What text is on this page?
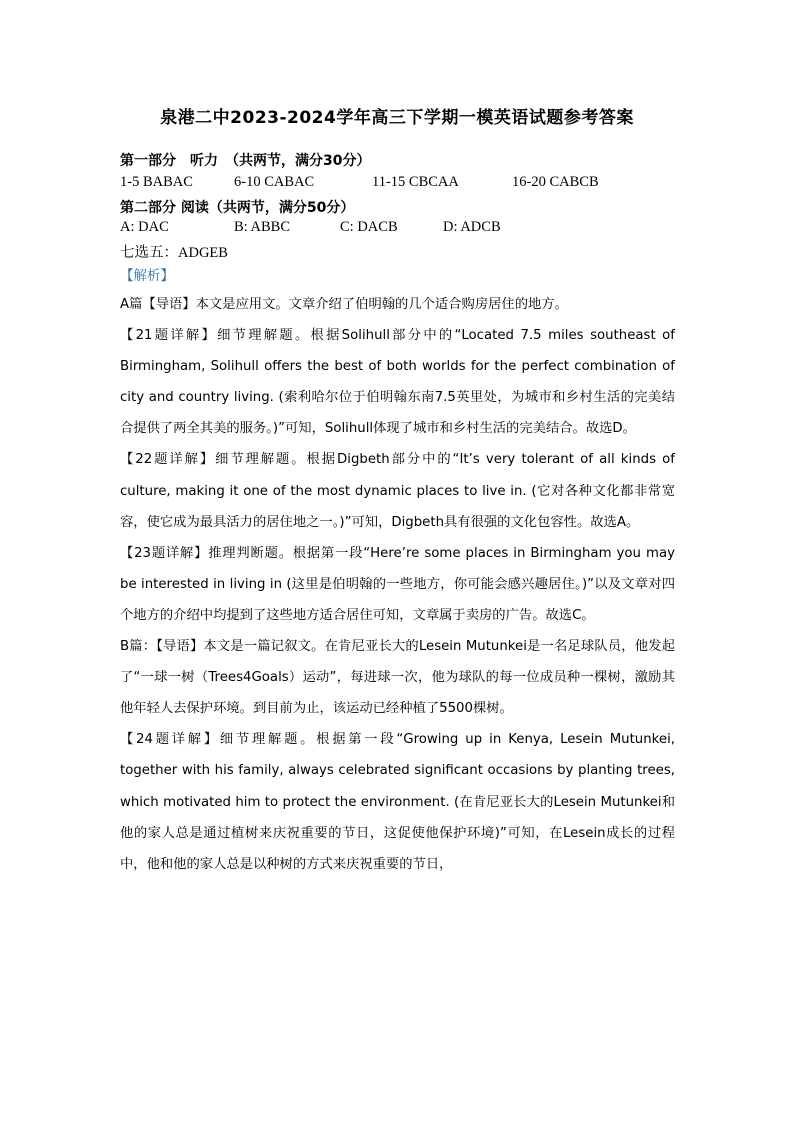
泉港二中2023-2024学年高三下学期一模英语试题参考答案
第一部分　听力　（共两节，满分30分）
1-5 BABAC	6-10 CABAC	11-15 CBCAA	16-20 CABCB
第二部分 阅读（共两节，满分50分）
A: DAC	B: ABBC	C: DACB	D: ADCB
七选五：ADGEB
【解析】

A篇【导语】本文是应用文。文章介绍了伯明翰的几个适合购房居住的地方。

【21题详解】细节理解题。根据Solihull部分中的“Located 7.5 miles southeast of Birmingham, Solihull offers the best of both worlds for the perfect combination of city and country living. (索利哈尔位于伯明翰东南7.5英里处，为城市和乡村生活的完美结合提供了两全其美的服务。)”可知，Solihull体现了城市和乡村生活的完美结合。故选D。

【22题详解】细节理解题。根据Digbeth部分中的“It’s very tolerant of all kinds of culture, making it one of the most dynamic places to live in. (它对各种文化都非常宽容，使它成为最具活力的居住地之一。)”可知，Digbeth具有很强的文化包容性。故选A。

【23题详解】推理判断题。根据第一段“Here’re some places in Birmingham you may be interested in living in (这里是伯明翰的一些地方，你可能会感兴趣居住。)”以及文章对四个地方的介绍中均提到了这些地方适合居住可知，文章属于卖房的广告。故选C。

B篇：【导语】本文是一篇记叙文。在肯尼亚长大的Lesein Mutunkei是一名足球队员，他发起了“一球一树（Trees4Goals）运动”，每进球一次，他为球队的每一位成员种一棵树，激励其他年轻人去保护环境。到目前为止，该运动已经种植了5500棵树。

【24题详解】细节理解题。根据第一段“Growing up in Kenya, Lesein Mutunkei, together with his family, always celebrated significant occasions by planting trees, which motivated him to protect the environment. (在肯尼亚长大的Lesein Mutunkei和他的家人总是通过植树来庆祝重要的节日，这促使他保护环境)”可知，在Lesein成长的过程中，他和他的家人总是以种树的方式来庆祝重要的节日，
